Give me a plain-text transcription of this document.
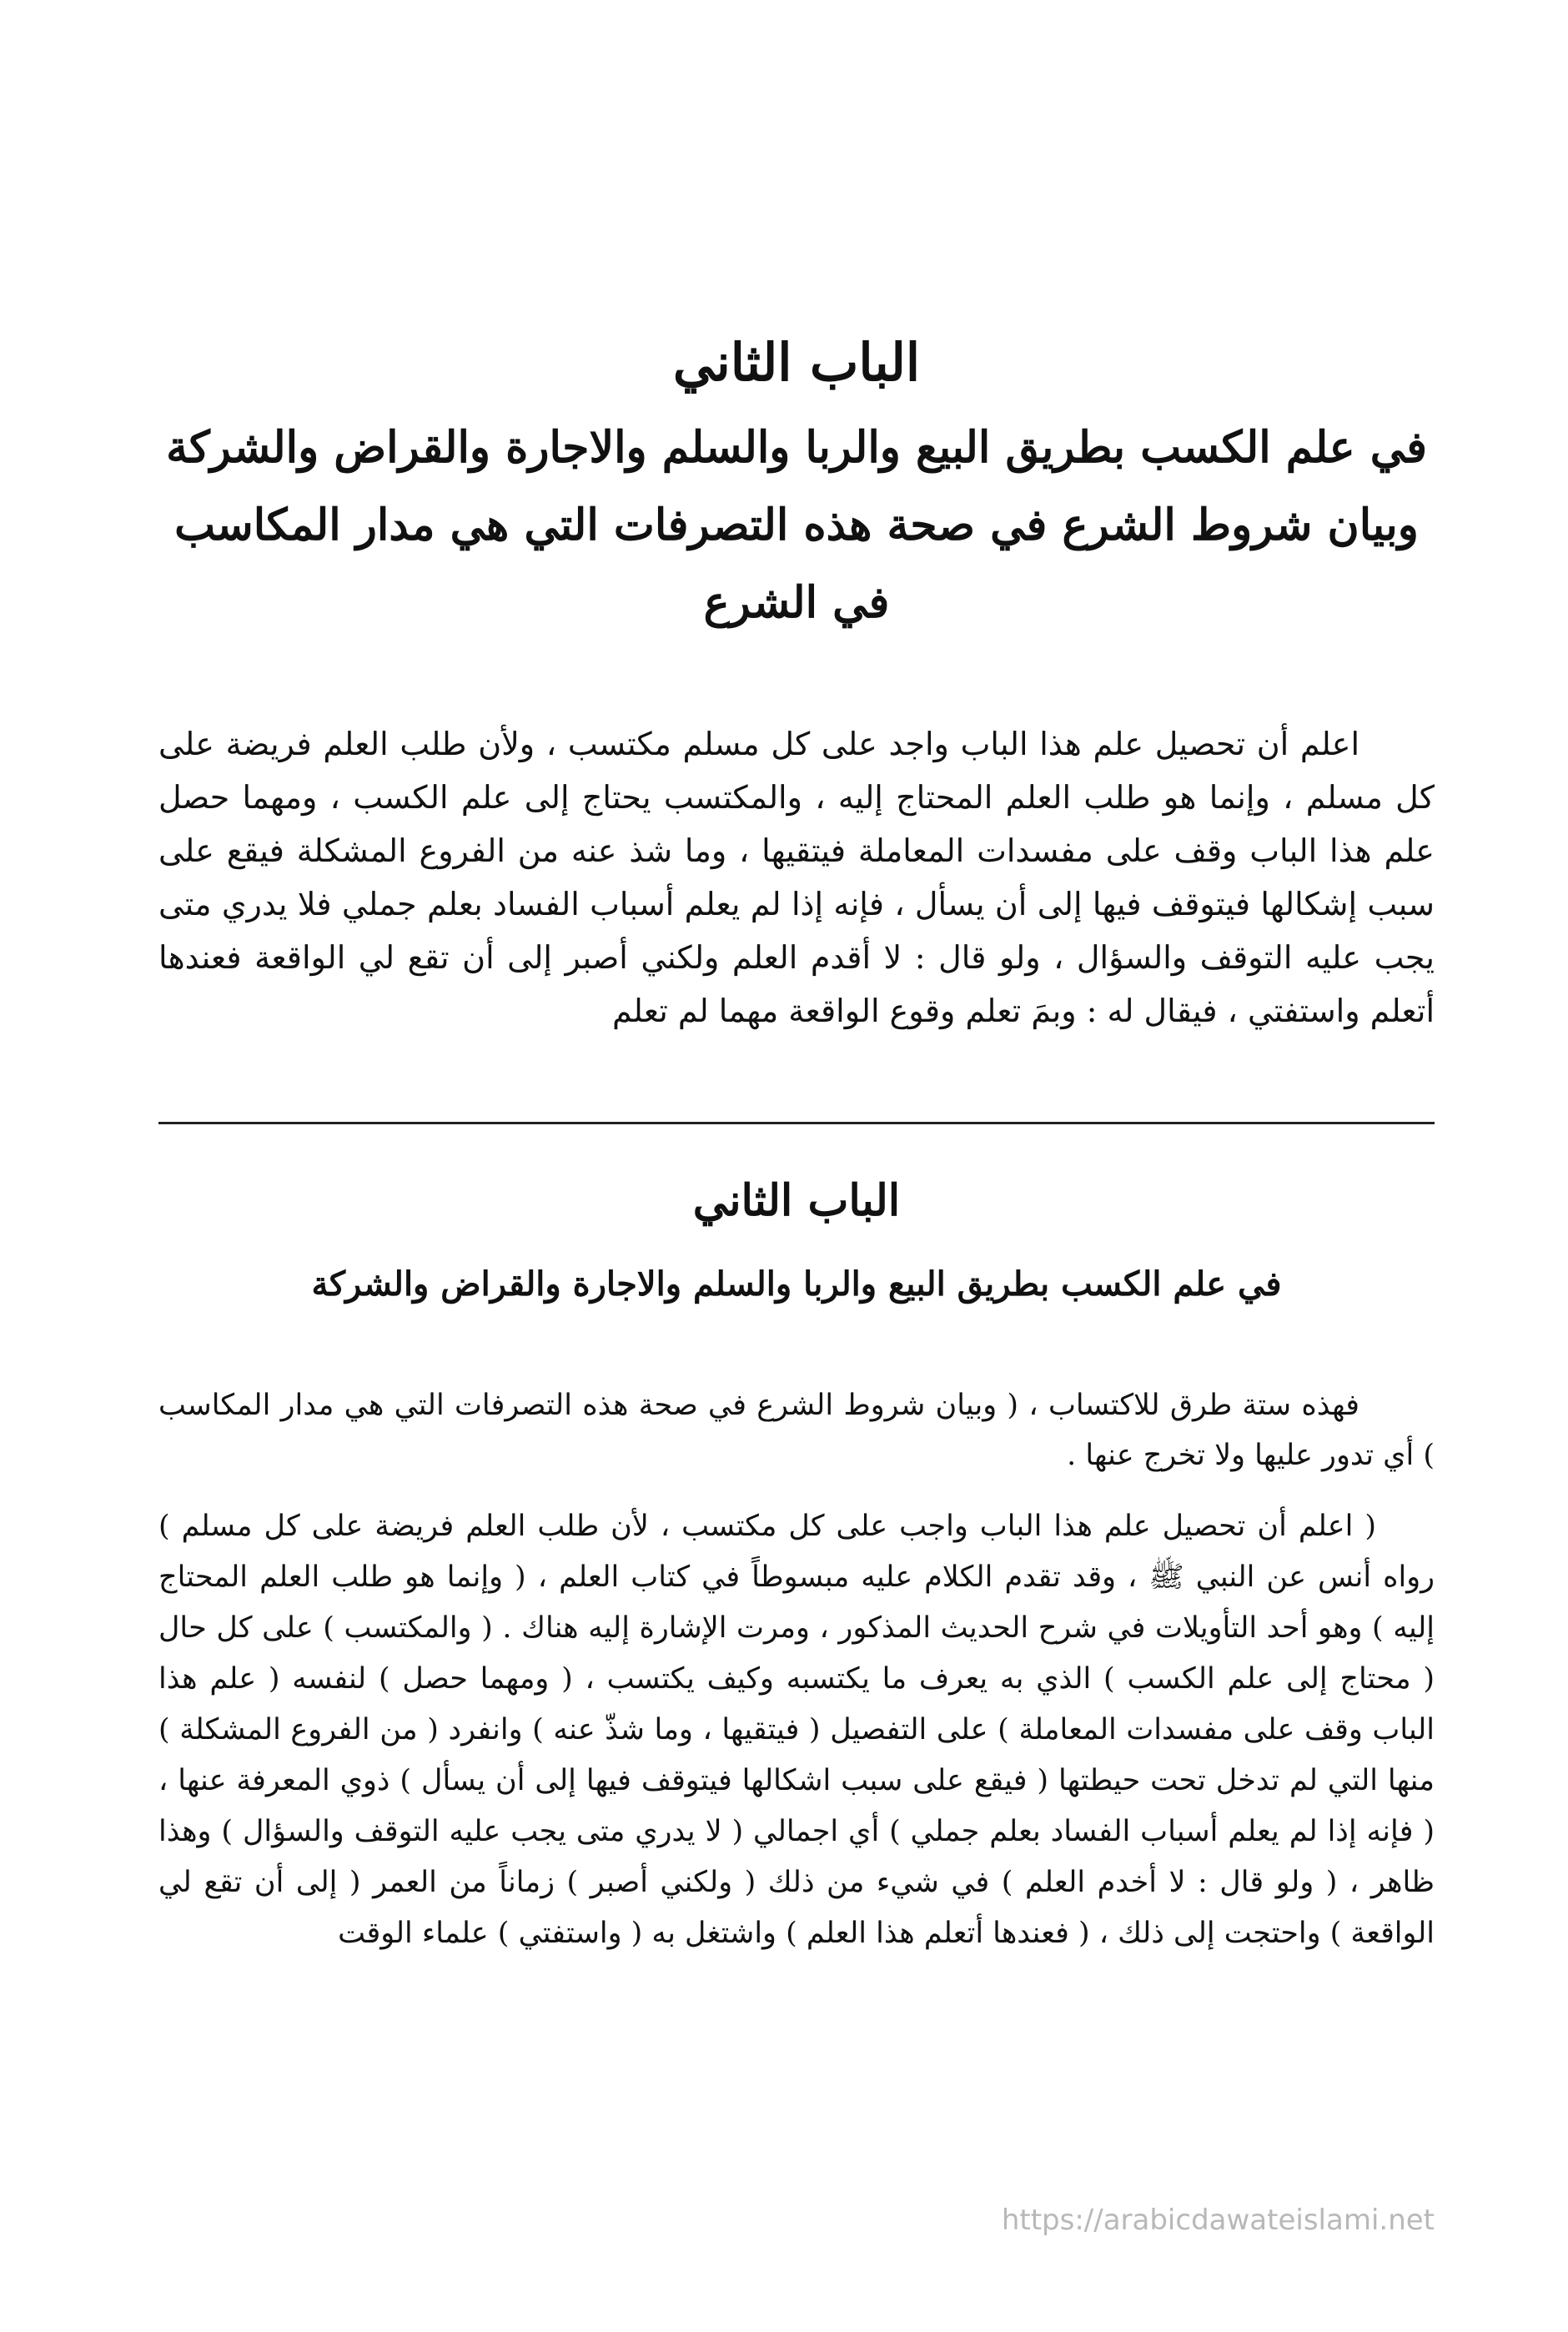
الباب الثاني
في علم الكسب بطريق البيع والربا والسلم والاجارة والقراض والشركة وبيان شروط الشرع في صحة هذه التصرفات التي هي مدار المكاسب في الشرع
اعلم أن تحصيل علم هذا الباب واجد على كل مسلم مكتسب ، ولأن طلب العلم فريضة على كل مسلم ، وإنما هو طلب العلم المحتاج إليه ، والمكتسب يحتاج إلى علم الكسب ، ومهما حصل علم هذا الباب وقف على مفسدات المعاملة فيتقيها ، وما شذ عنه من الفروع المشكلة فيقع على سبب إشكالها فيتوقف فيها إلى أن يسأل ، فإنه إذا لم يعلم أسباب الفساد بعلم جملي فلا يدري متى يجب عليه التوقف والسؤال ، ولو قال : لا أقدم العلم ولكني أصبر إلى أن تقع لي الواقعة فعندها أتعلم واستفتي ، فيقال له : وبمَ تعلم وقوع الواقعة مهما لم تعلم
الباب الثاني
في علم الكسب بطريق البيع والربا والسلم والاجارة والقراض والشركة
فهذه ستة طرق للاكتساب ، ( وبيان شروط الشرع في صحة هذه التصرفات التي هي مدار المكاسب ) أي تدور عليها ولا تخرج عنها .
( اعلم أن تحصيل علم هذا الباب واجب على كل مكتسب ، لأن طلب العلم فريضة على كل مسلم ) رواه أنس عن النبي ﷺ ، وقد تقدم الكلام عليه مبسوطاً في كتاب العلم ، ( وإنما هو طلب العلم المحتاج إليه ) وهو أحد التأويلات في شرح الحديث المذكور ، ومرت الإشارة إليه هناك . ( والمكتسب ) على كل حال ( محتاج إلى علم الكسب ) الذي به يعرف ما يكتسبه وكيف يكتسب ، ( ومهما حصل ) لنفسه ( علم هذا الباب وقف على مفسدات المعاملة ) على التفصيل ( فيتقيها ، وما شذّ عنه ) وانفرد ( من الفروع المشكلة ) منها التي لم تدخل تحت حيطتها ( فيقع على سبب اشكالها فيتوقف فيها إلى أن يسأل ) ذوي المعرفة عنها ، ( فإنه إذا لم يعلم أسباب الفساد بعلم جملي ) أي اجمالي ( لا يدري متى يجب عليه التوقف والسؤال ) وهذا ظاهر ، ( ولو قال : لا أخدم العلم ) في شيء من ذلك ( ولكني أصبر ) زماناً من العمر ( إلى أن تقع لي الواقعة ) واحتجت إلى ذلك ، ( فعندها أتعلم هذا العلم ) واشتغل به ( واستفتي ) علماء الوقت
https://arabicdawateislami.net
